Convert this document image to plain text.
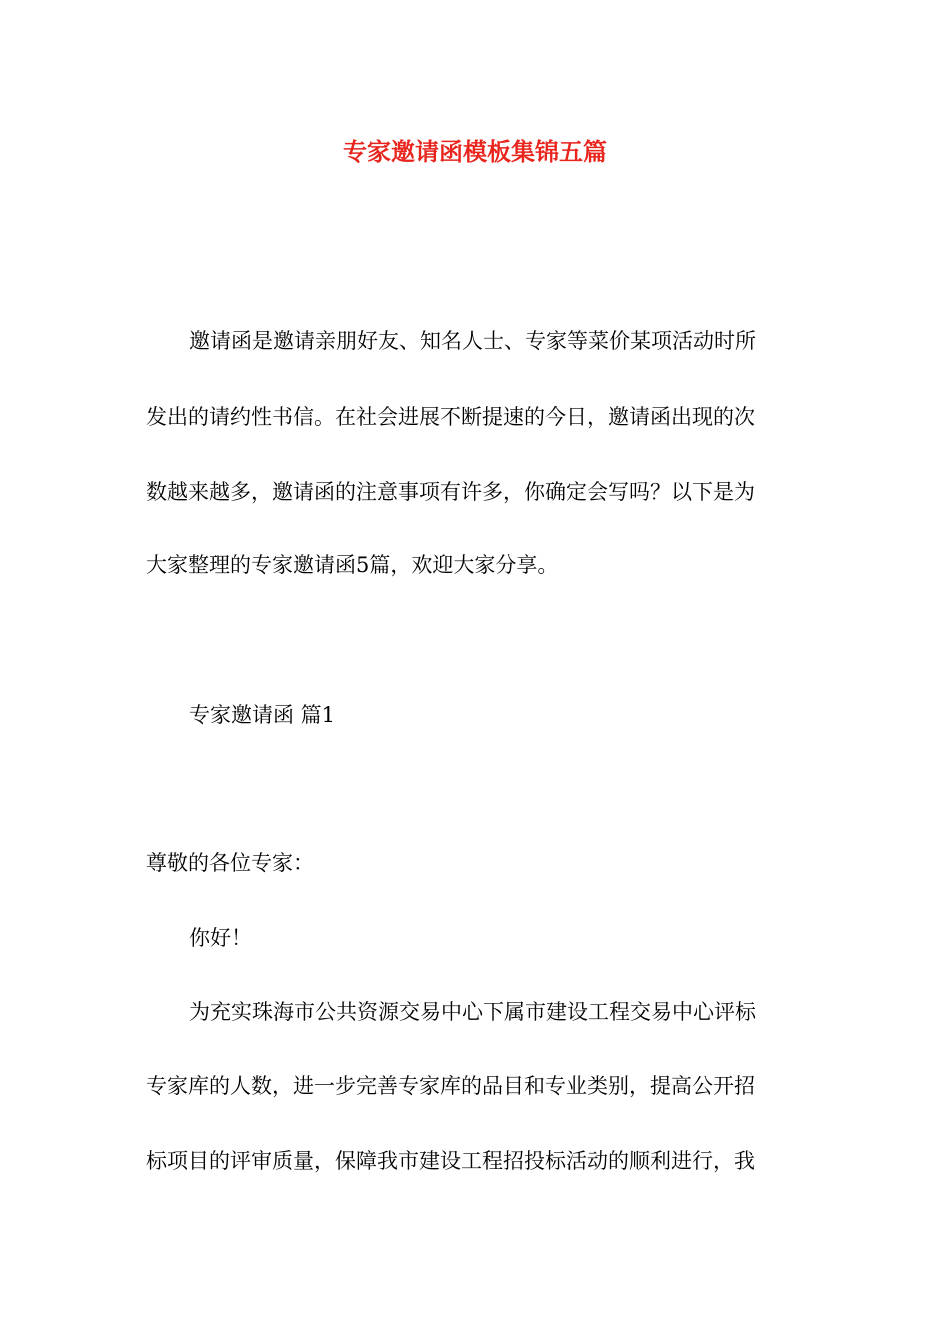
专家邀请函模板集锦五篇
邀请函是邀请亲朋好友、知名人士、专家等菜价某项活动时所
发出的请约性书信。在社会进展不断提速的今日，邀请函出现的次
数越来越多，邀请函的注意事项有许多，你确定会写吗？以下是为
大家整理的专家邀请函5篇，欢迎大家分享。
专家邀请函 篇1
尊敬的各位专家：
你好！
为充实珠海市公共资源交易中心下属市建设工程交易中心评标
专家库的人数，进一步完善专家库的品目和专业类别，提高公开招
标项目的评审质量，保障我市建设工程招投标活动的顺利进行，我
